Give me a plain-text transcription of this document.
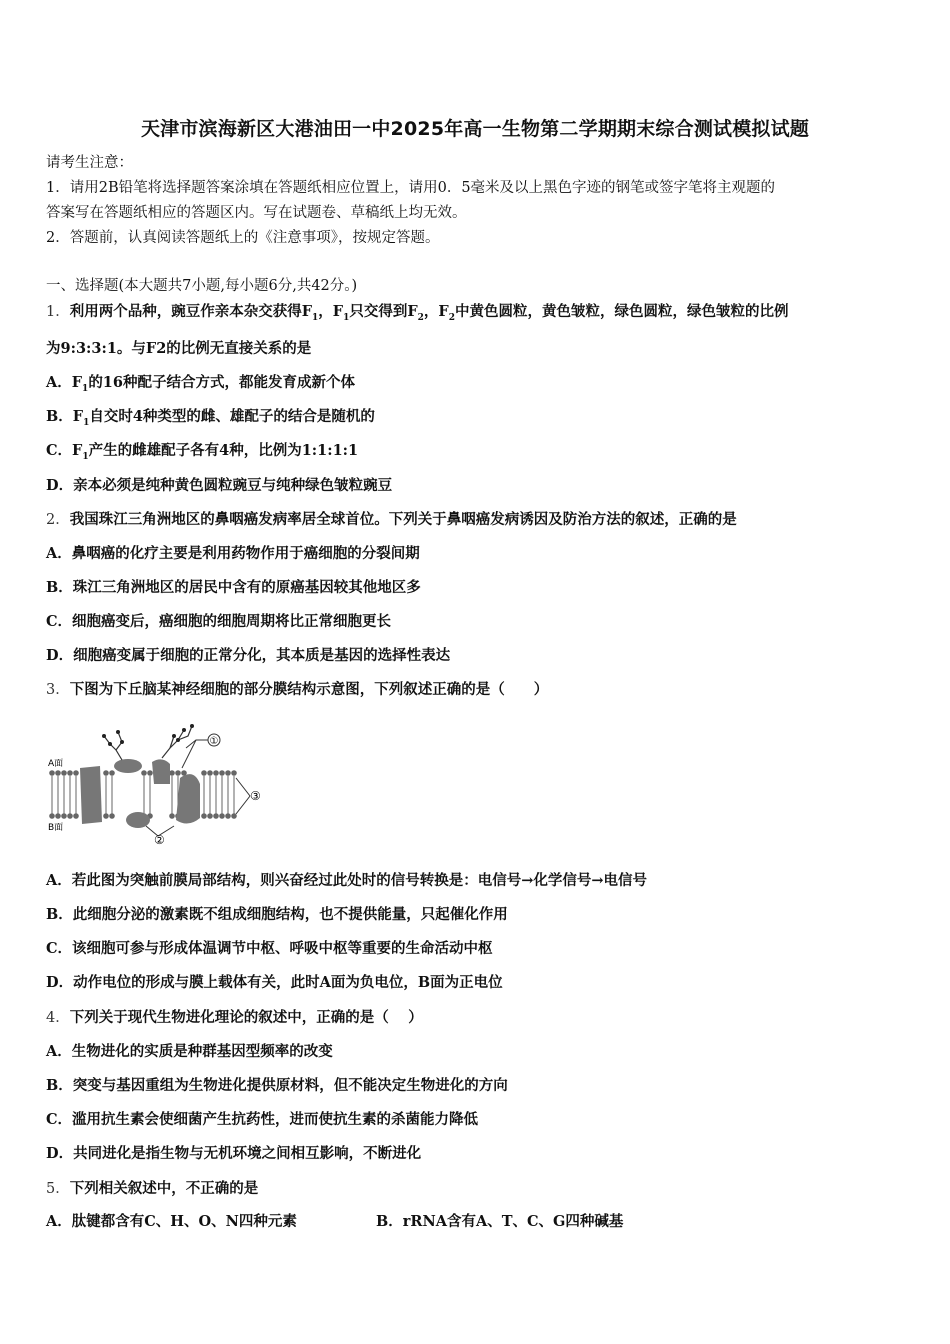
天津市滨海新区大港油田一中2025年高一生物第二学期期末综合测试模拟试题
请考生注意：
1．请用2B铅笔将选择题答案涂填在答题纸相应位置上，请用0．5毫米及以上黑色字迹的钢笔或签字笔将主观题的
答案写在答题纸相应的答题区内。写在试题卷、草稿纸上均无效。
2．答题前，认真阅读答题纸上的《注意事项》，按规定答题。
一、选择题(本大题共7小题,每小题6分,共42分。)
1．利用两个品种，豌豆作亲本杂交获得$F_1$，$F_1$只交得到$F_2$，$F_2$中黄色圆粒，黄色皱粒，绿色圆粒，绿色皱粒的比例
为9:3:3:1。与F2的比例无直接关系的是
A．$F_1$的16种配子结合方式，都能发育成新个体
B．$F_1$自交时4种类型的雌、雄配子的结合是随机的
C．$F_1$产生的雌雄配子各有4种，比例为1:1:1:1
D．亲本必须是纯种黄色圆粒豌豆与纯种绿色皱粒豌豆
2．我国珠江三角洲地区的鼻咽癌发病率居全球首位。下列关于鼻咽癌发病诱因及防治方法的叙述，正确的是
A．鼻咽癌的化疗主要是利用药物作用于癌细胞的分裂间期
B．珠江三角洲地区的居民中含有的原癌基因较其他地区多
C．细胞癌变后，癌细胞的细胞周期将比正常细胞更长
D．细胞癌变属于细胞的正常分化，其本质是基因的选择性表达
3．下图为下丘脑某神经细胞的部分膜结构示意图，下列叙述正确的是（　　）
①
③
②
A面
B面
A．若此图为突触前膜局部结构，则兴奋经过此处时的信号转换是：电信号→化学信号→电信号
B．此细胞分泌的激素既不组成细胞结构，也不提供能量，只起催化作用
C．该细胞可参与形成体温调节中枢、呼吸中枢等重要的生命活动中枢
D．动作电位的形成与膜上载体有关，此时A面为负电位，B面为正电位
4．下列关于现代生物进化理论的叙述中，正确的是（　 ）
A．生物进化的实质是种群基因型频率的改变
B．突变与基因重组为生物进化提供原材料，但不能决定生物进化的方向
C．滥用抗生素会使细菌产生抗药性，进而使抗生素的杀菌能力降低
D．共同进化是指生物与无机环境之间相互影响，不断进化
5．下列相关叙述中，不正确的是
A．肽键都含有C、H、O、N四种元素	B．rRNA含有A、T、C、G四种碱基
